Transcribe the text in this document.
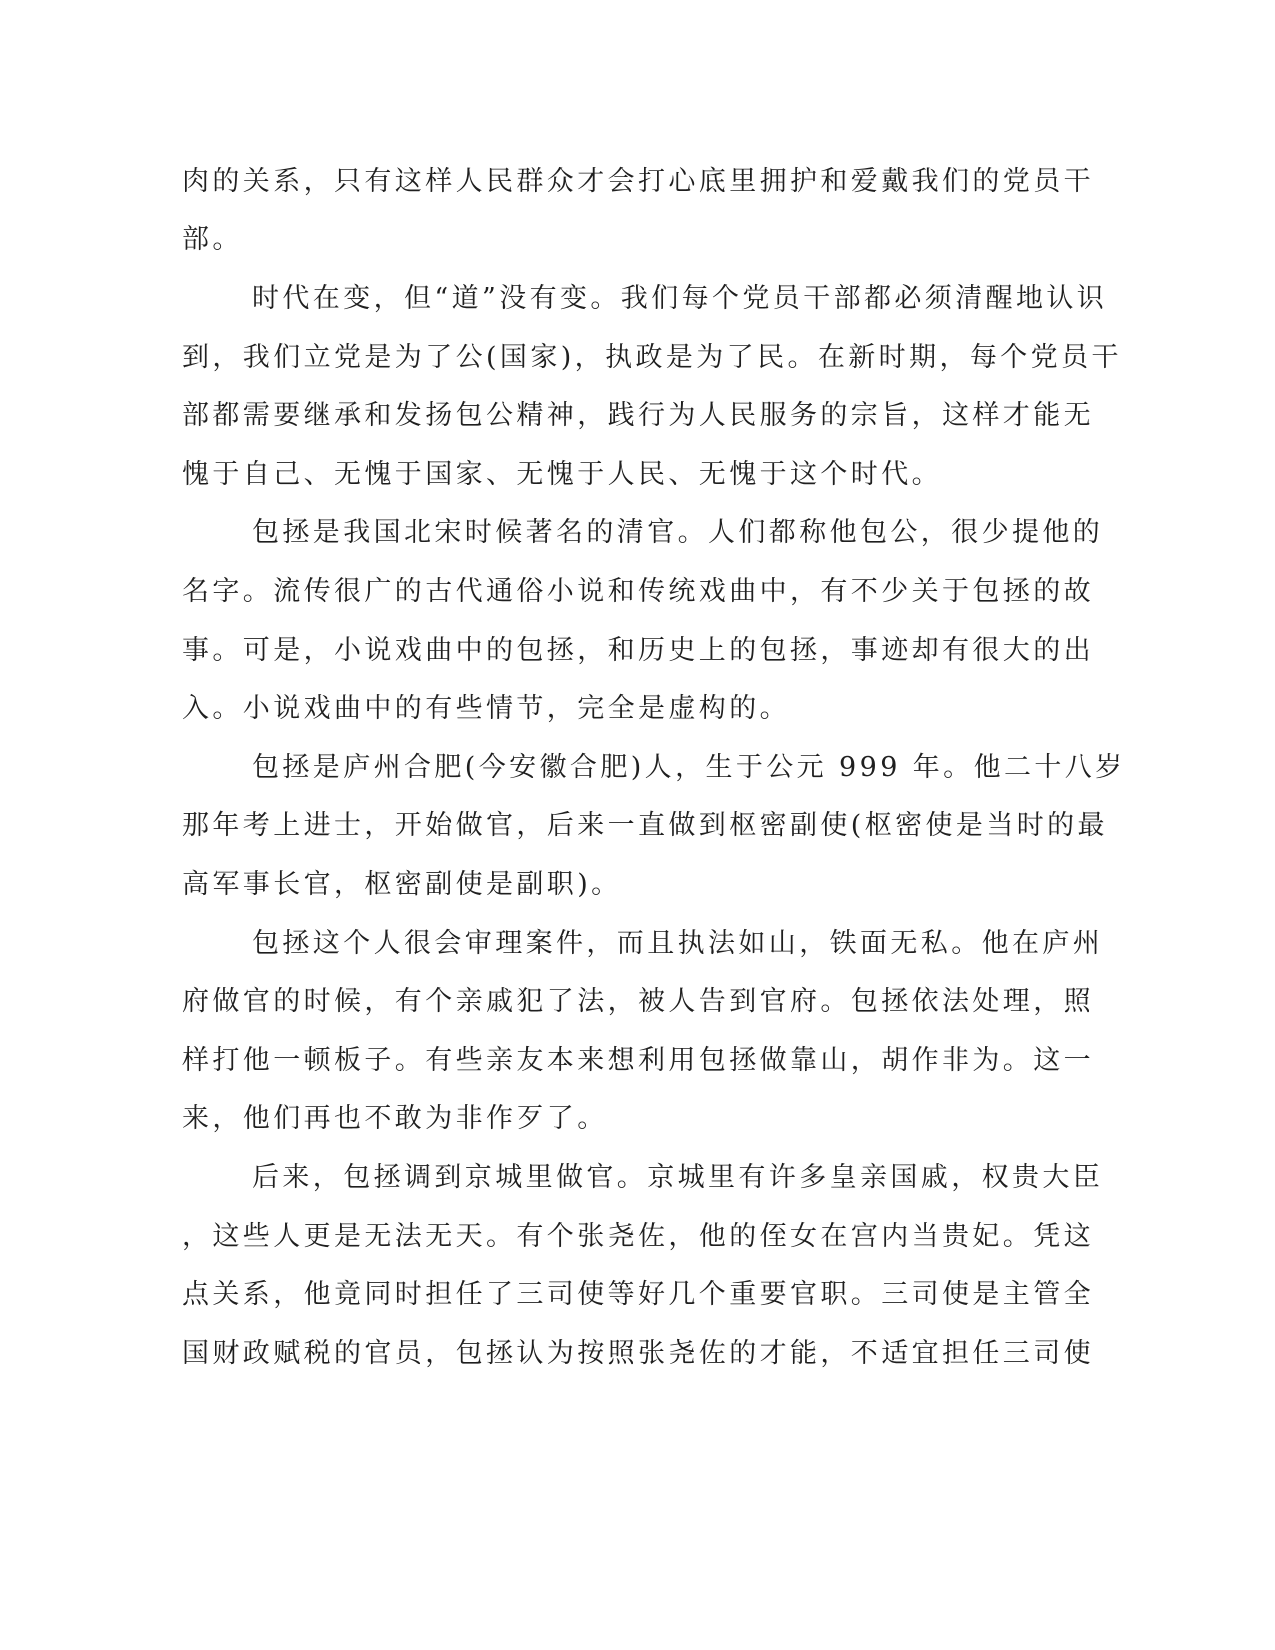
肉的关系，只有这样人民群众才会打心底里拥护和爱戴我们的党员干
部。
时代在变，但“道”没有变。我们每个党员干部都必须清醒地认识
到，我们立党是为了公(国家)，执政是为了民。在新时期，每个党员干
部都需要继承和发扬包公精神，践行为人民服务的宗旨，这样才能无
愧于自己、无愧于国家、无愧于人民、无愧于这个时代。
包拯是我国北宋时候著名的清官。人们都称他包公，很少提他的
名字。流传很广的古代通俗小说和传统戏曲中，有不少关于包拯的故
事。可是，小说戏曲中的包拯，和历史上的包拯，事迹却有很大的出
入。小说戏曲中的有些情节，完全是虚构的。
包拯是庐州合肥(今安徽合肥)人，生于公元 999 年。他二十八岁
那年考上进士，开始做官，后来一直做到枢密副使(枢密使是当时的最
高军事长官，枢密副使是副职)。
包拯这个人很会审理案件，而且执法如山，铁面无私。他在庐州
府做官的时候，有个亲戚犯了法，被人告到官府。包拯依法处理，照
样打他一顿板子。有些亲友本来想利用包拯做靠山，胡作非为。这一
来，他们再也不敢为非作歹了。
后来，包拯调到京城里做官。京城里有许多皇亲国戚，权贵大臣
，这些人更是无法无天。有个张尧佐，他的侄女在宫内当贵妃。凭这
点关系，他竟同时担任了三司使等好几个重要官职。三司使是主管全
国财政赋税的官员，包拯认为按照张尧佐的才能，不适宜担任三司使
